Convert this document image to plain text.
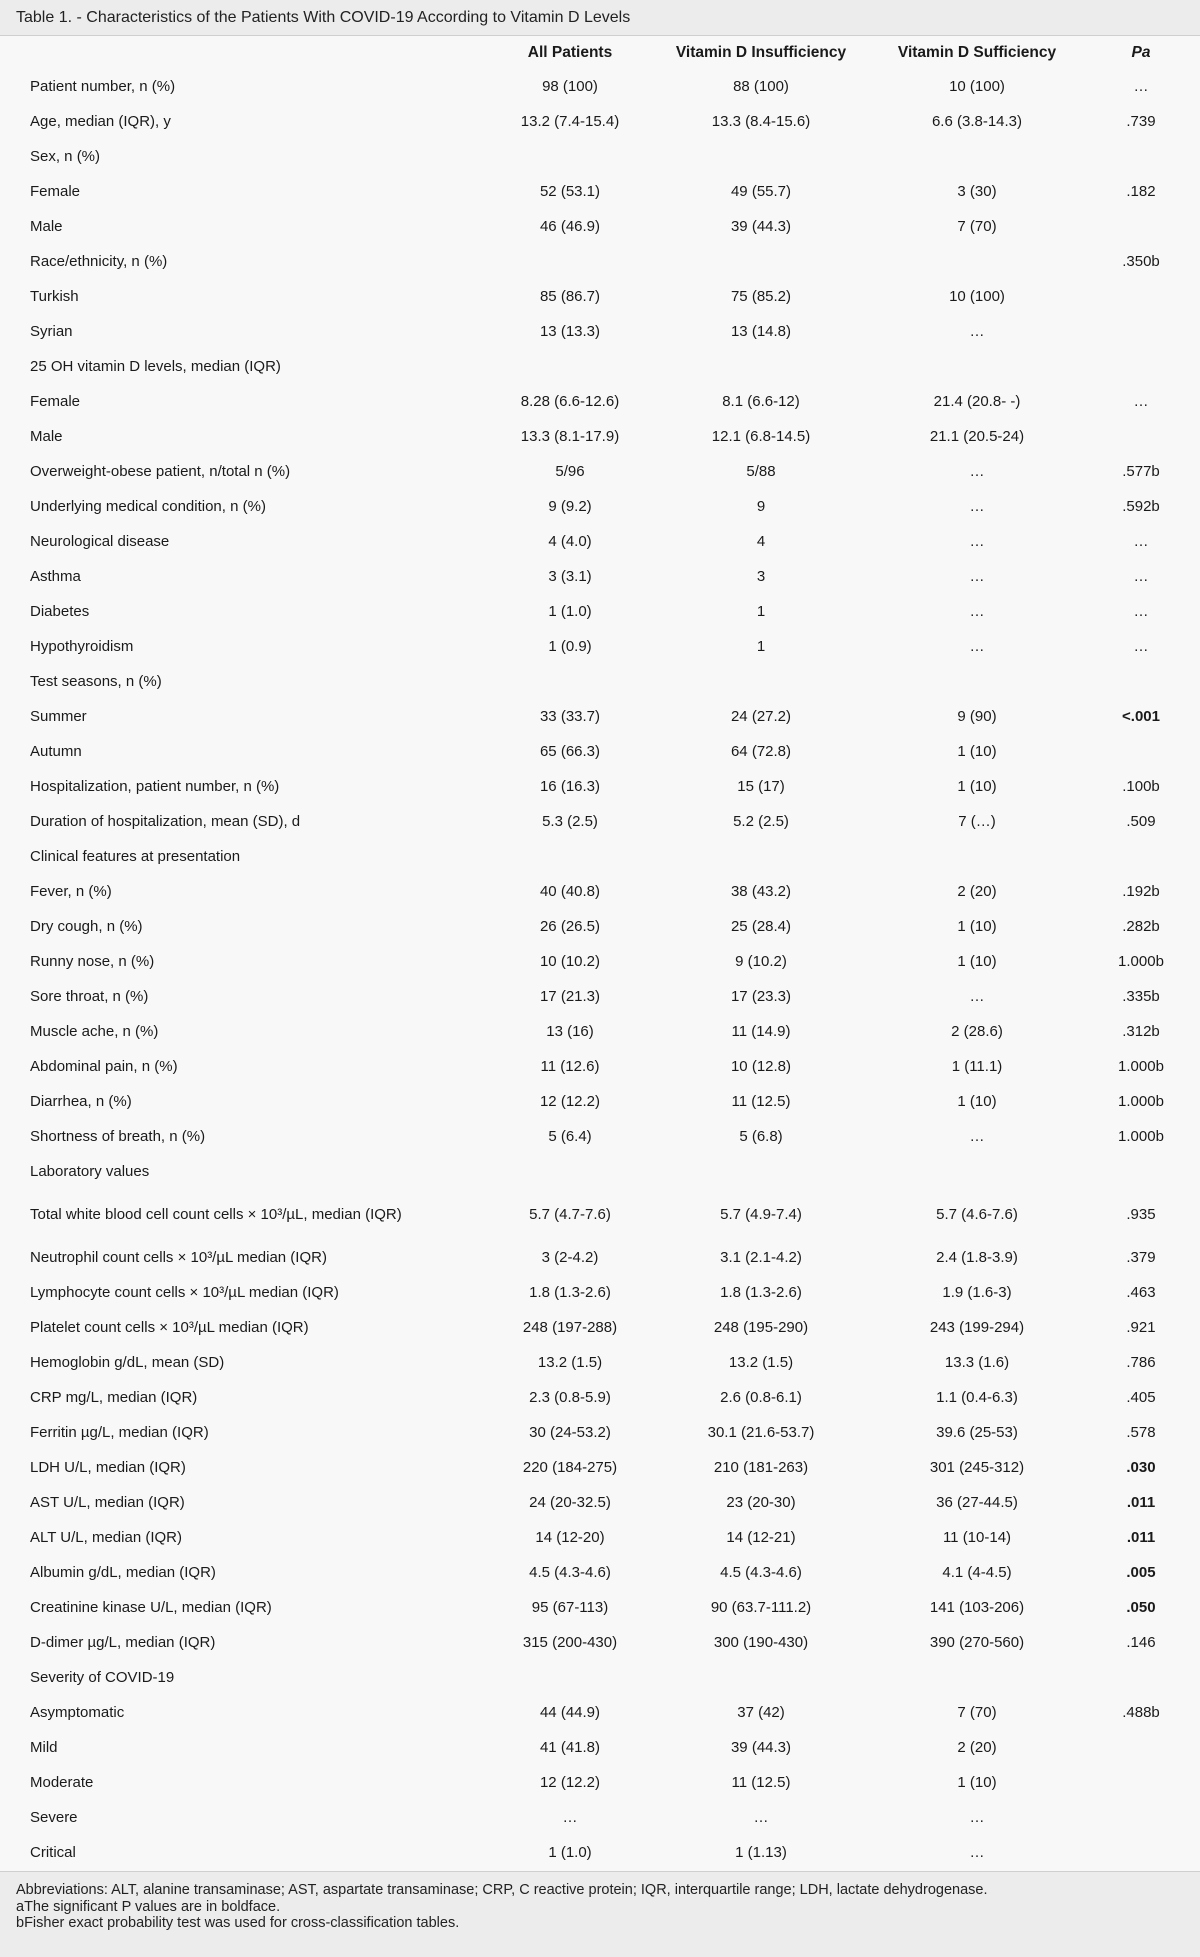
Table 1. - Characteristics of the Patients With COVID-19 According to Vitamin D Levels
	All Patients	Vitamin D Insufficiency	Vitamin D Sufficiency	Pa
Patient number, n (%)	98 (100)	88 (100)	10 (100)	…
Age, median (IQR), y	13.2 (7.4-15.4)	13.3 (8.4-15.6)	6.6 (3.8-14.3)	.739
Sex, n (%)				
Female	52 (53.1)	49 (55.7)	3 (30)	.182
Male	46 (46.9)	39 (44.3)	7 (70)	
Race/ethnicity, n (%)				.350b
Turkish	85 (86.7)	75 (85.2)	10 (100)	
Syrian	13 (13.3)	13 (14.8)	…	
25 OH vitamin D levels, median (IQR)				
Female	8.28 (6.6-12.6)	8.1 (6.6-12)	21.4 (20.8- -)	…
Male	13.3 (8.1-17.9)	12.1 (6.8-14.5)	21.1 (20.5-24)	
Overweight-obese patient, n/total n (%)	5/96	5/88	…	.577b
Underlying medical condition, n (%)	9 (9.2)	9	…	.592b
Neurological disease	4 (4.0)	4	…	…
Asthma	3 (3.1)	3	…	…
Diabetes	1 (1.0)	1	…	…
Hypothyroidism	1 (0.9)	1	…	…
Test seasons, n (%)				
Summer	33 (33.7)	24 (27.2)	9 (90)	<.001
Autumn	65 (66.3)	64 (72.8)	1 (10)	
Hospitalization, patient number, n (%)	16 (16.3)	15 (17)	1 (10)	.100b
Duration of hospitalization, mean (SD), d	5.3 (2.5)	5.2 (2.5)	7 (…)	.509
Clinical features at presentation				
Fever, n (%)	40 (40.8)	38 (43.2)	2 (20)	.192b
Dry cough, n (%)	26 (26.5)	25 (28.4)	1 (10)	.282b
Runny nose, n (%)	10 (10.2)	9 (10.2)	1 (10)	1.000b
Sore throat, n (%)	17 (21.3)	17 (23.3)	…	.335b
Muscle ache, n (%)	13 (16)	11 (14.9)	2 (28.6)	.312b
Abdominal pain, n (%)	11 (12.6)	10 (12.8)	1 (11.1)	1.000b
Diarrhea, n (%)	12 (12.2)	11 (12.5)	1 (10)	1.000b
Shortness of breath, n (%)	5 (6.4)	5 (6.8)	…	1.000b
Laboratory values				
Total white blood cell count cells × 10³/µL, median (IQR)	5.7 (4.7-7.6)	5.7 (4.9-7.4)	5.7 (4.6-7.6)	.935
Neutrophil count cells × 10³/µL median (IQR)	3 (2-4.2)	3.1 (2.1-4.2)	2.4 (1.8-3.9)	.379
Lymphocyte count cells × 10³/µL median (IQR)	1.8 (1.3-2.6)	1.8 (1.3-2.6)	1.9 (1.6-3)	.463
Platelet count cells × 10³/µL median (IQR)	248 (197-288)	248 (195-290)	243 (199-294)	.921
Hemoglobin g/dL, mean (SD)	13.2 (1.5)	13.2 (1.5)	13.3 (1.6)	.786
CRP mg/L, median (IQR)	2.3 (0.8-5.9)	2.6 (0.8-6.1)	1.1 (0.4-6.3)	.405
Ferritin µg/L, median (IQR)	30 (24-53.2)	30.1 (21.6-53.7)	39.6 (25-53)	.578
LDH U/L, median (IQR)	220 (184-275)	210 (181-263)	301 (245-312)	.030
AST U/L, median (IQR)	24 (20-32.5)	23 (20-30)	36 (27-44.5)	.011
ALT U/L, median (IQR)	14 (12-20)	14 (12-21)	11 (10-14)	.011
Albumin g/dL, median (IQR)	4.5 (4.3-4.6)	4.5 (4.3-4.6)	4.1 (4-4.5)	.005
Creatinine kinase U/L, median (IQR)	95 (67-113)	90 (63.7-111.2)	141 (103-206)	.050
D-dimer µg/L, median (IQR)	315 (200-430)	300 (190-430)	390 (270-560)	.146
Severity of COVID-19				
Asymptomatic	44 (44.9)	37 (42)	7 (70)	.488b
Mild	41 (41.8)	39 (44.3)	2 (20)	
Moderate	12 (12.2)	11 (12.5)	1 (10)	
Severe	…	…	…	
Critical	1 (1.0)	1 (1.13)	…	
Abbreviations: ALT, alanine transaminase; AST, aspartate transaminase; CRP, C reactive protein; IQR, interquartile range; LDH, lactate dehydrogenase.
aThe significant P values are in boldface.
bFisher exact probability test was used for cross-classification tables.
